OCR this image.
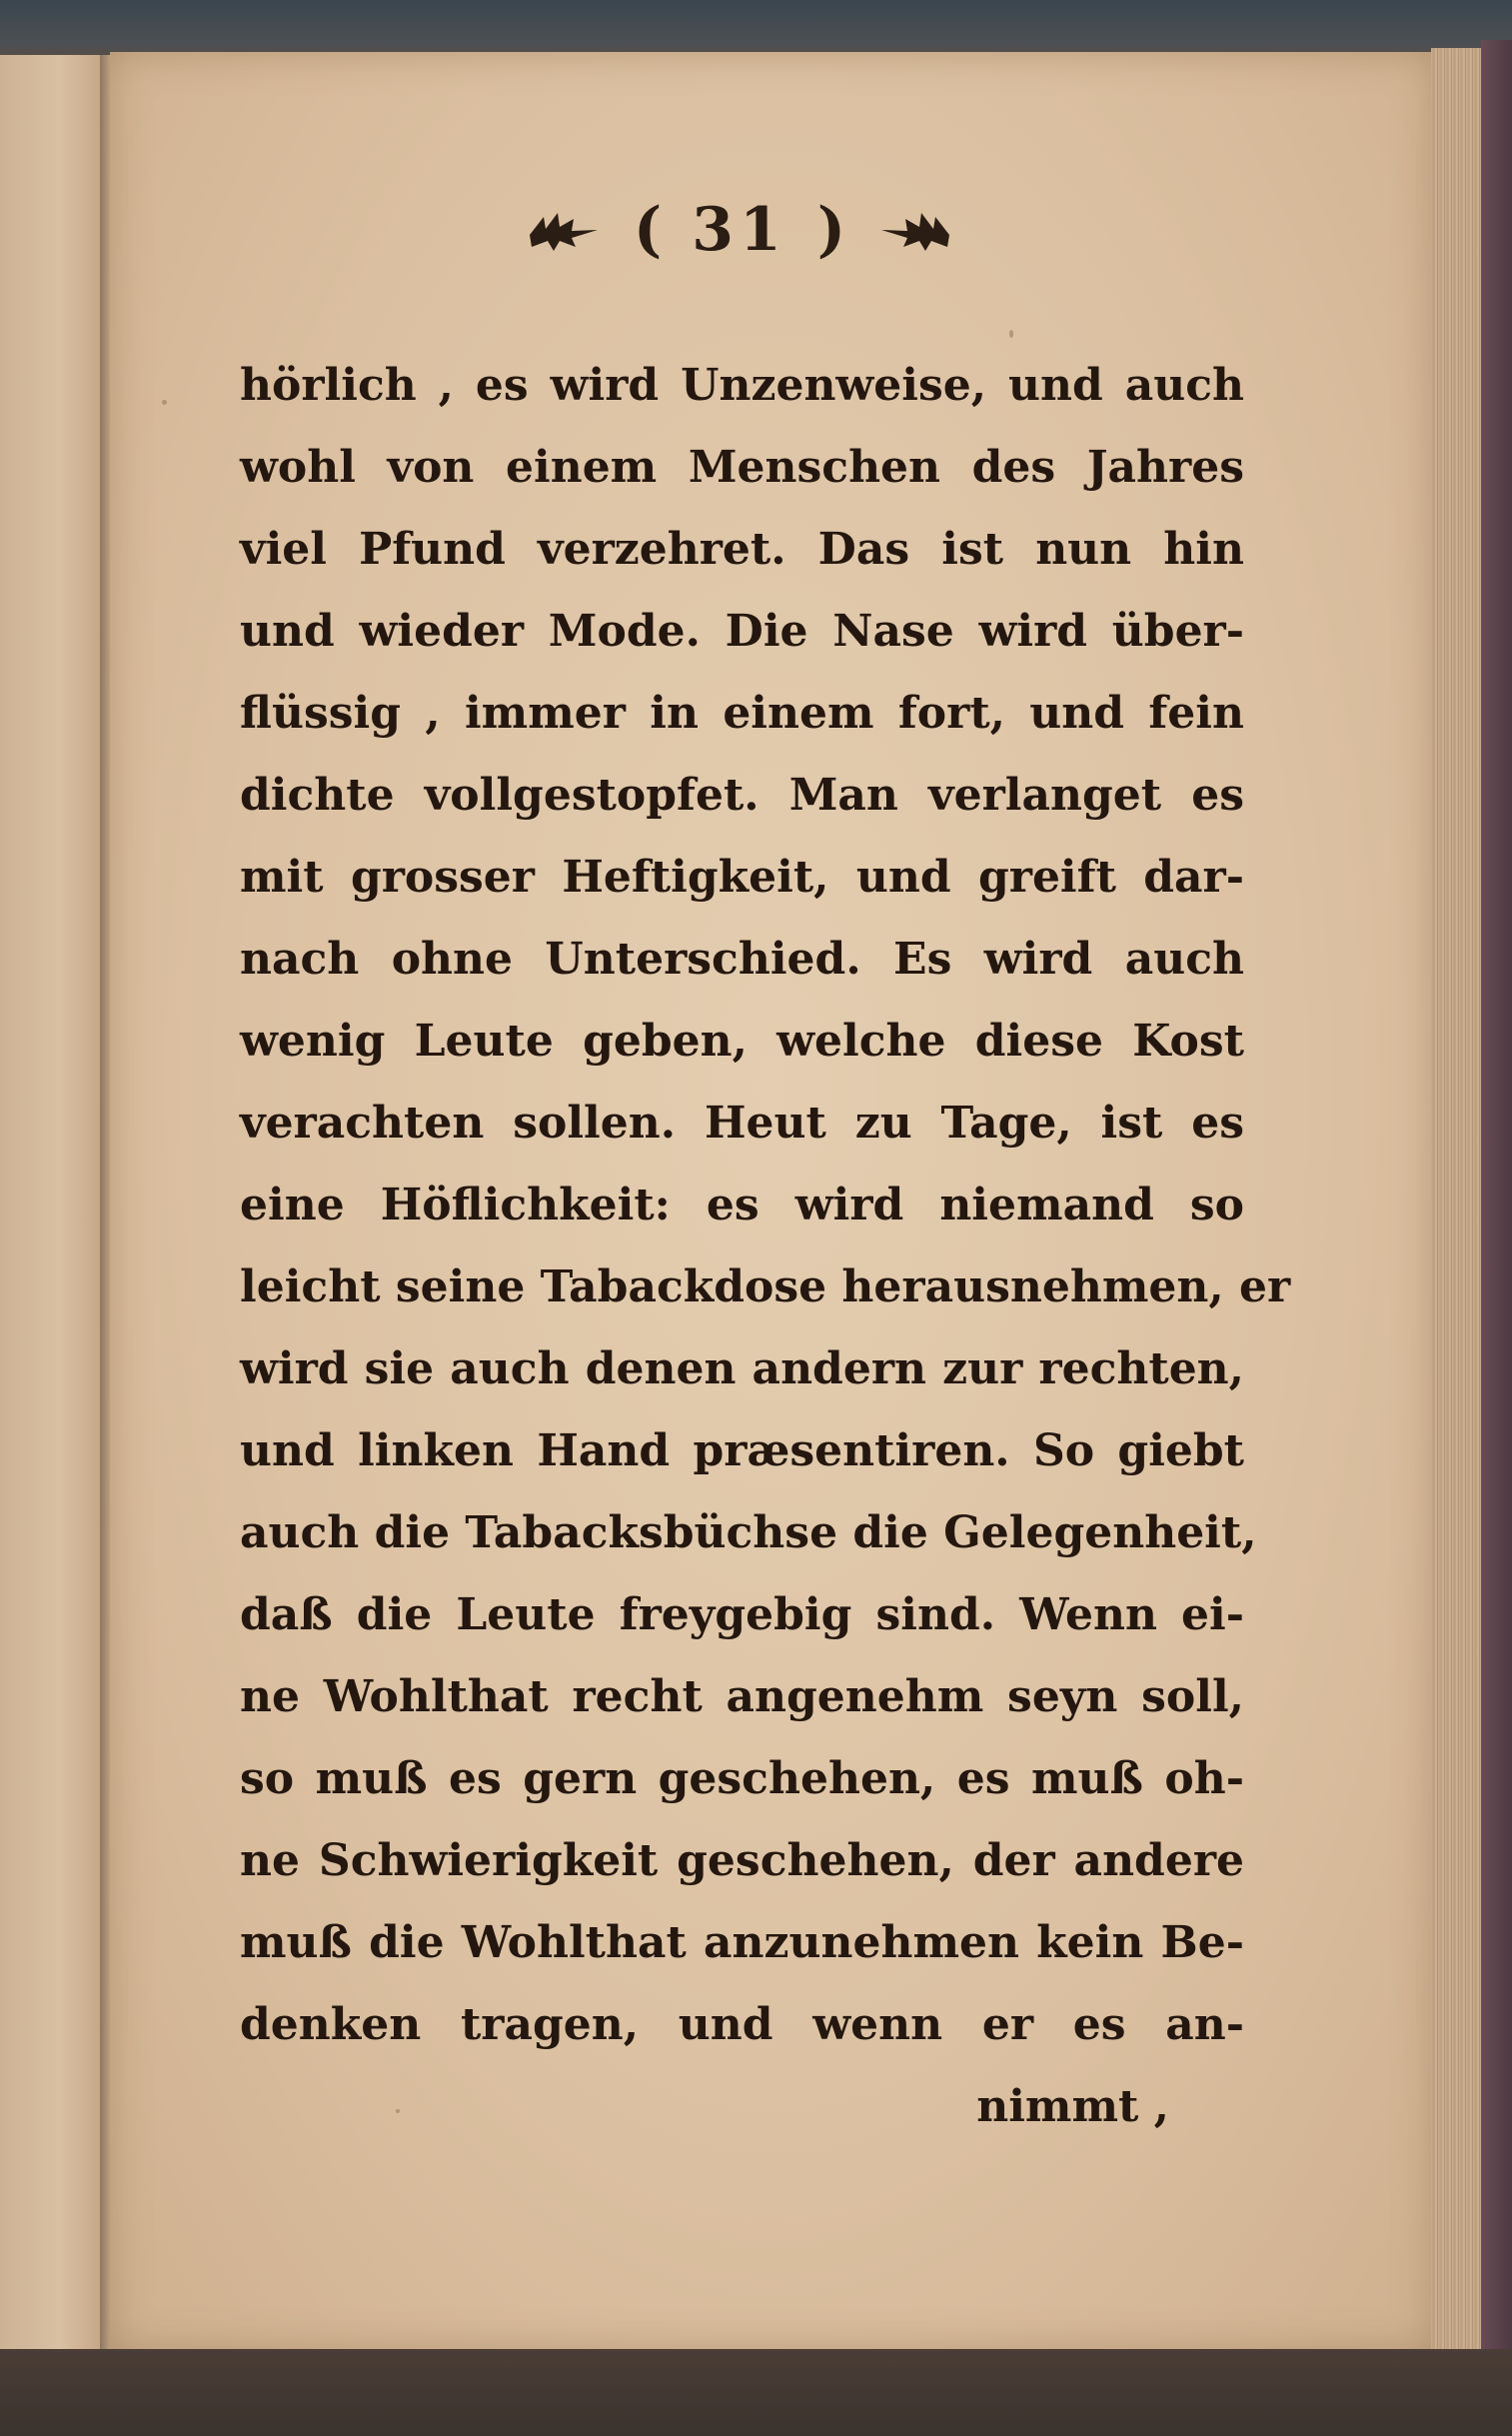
( 31 )
hörlich , es wird Unzenweise, und auch
wohl von einem Menschen des Jahres
viel Pfund verzehret. Das ist nun hin
und wieder Mode. Die Nase wird über-
flüssig , immer in einem fort, und fein
dichte vollgestopfet. Man verlanget es
mit grosser Heftigkeit, und greift dar-
nach ohne Unterschied. Es wird auch
wenig Leute geben, welche diese Kost
verachten sollen. Heut zu Tage, ist es
eine Höflichkeit: es wird niemand so
leicht seine Tabackdose herausnehmen, er
wird sie auch denen andern zur rechten,
und linken Hand præsentiren. So giebt
auch die Tabacksbüchse die Gelegenheit,
daß die Leute freygebig sind. Wenn ei-
ne Wohlthat recht angenehm seyn soll,
so muß es gern geschehen, es muß oh-
ne Schwierigkeit geschehen, der andere
muß die Wohlthat anzunehmen kein Be-
denken tragen, und wenn er es an-
nimmt ,
